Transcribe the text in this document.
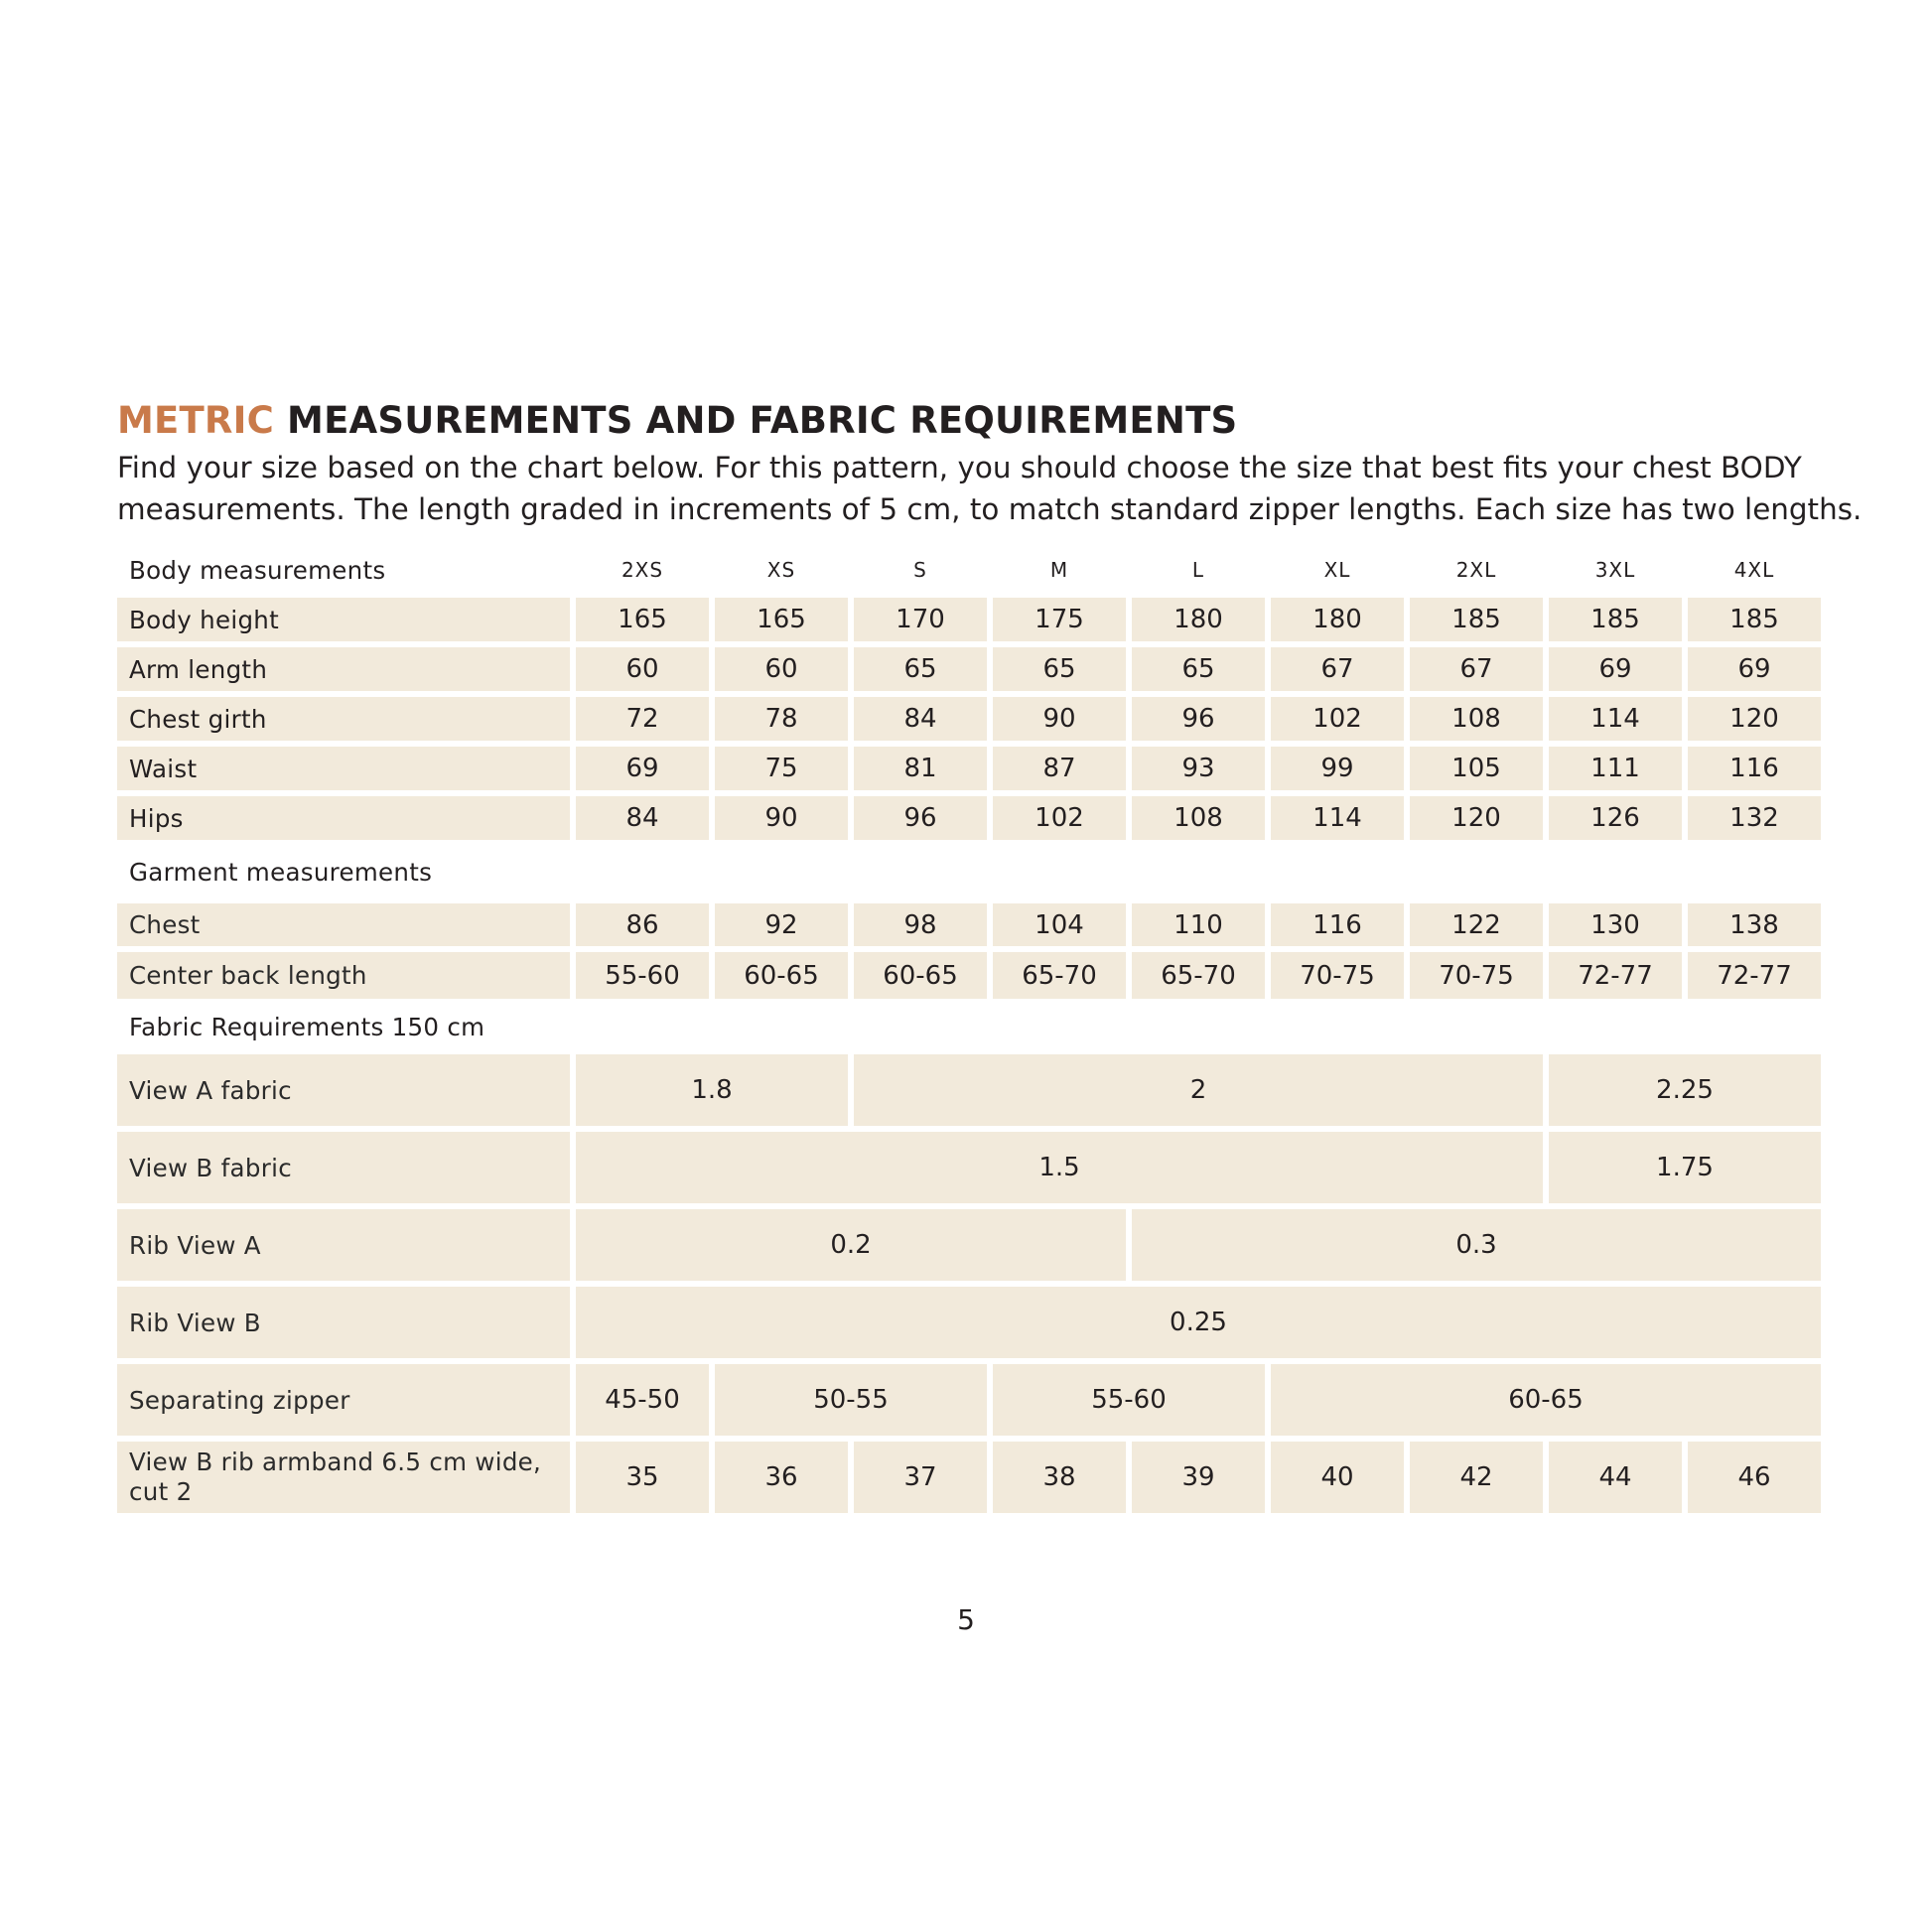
METRIC MEASUREMENTS AND FABRIC REQUIREMENTS

Find your size based on the chart below. For this pattern, you should choose the size that best fits your chest BODY

measurements. The length graded in increments of 5 cm, to match standard zipper lengths. Each size has two lengths.

Body measurements	2XS	XS	S	M	L	XL	2XL	3XL	4XL
Body height	165	165	170	175	180	180	185	185	185
Arm length	60	60	65	65	65	67	67	69	69
Chest girth	72	78	84	90	96	102	108	114	120
Waist	69	75	81	87	93	99	105	111	116
Hips	84	90	96	102	108	114	120	126	132
Garment measurements
Chest	86	92	98	104	110	116	122	130	138
Center back length	55-60	60-65	60-65	65-70	65-70	70-75	70-75	72-77	72-77
Fabric Requirements 150 cm
View A fabric	1.8	2	2.25
View B fabric	1.5	1.75
Rib View A	0.2	0.3
Rib View B	0.25
Separating zipper	45-50	50-55	55-60	60-65
View B rib armband 6.5 cm wide, cut 2	35	36	37	38	39	40	42	44	46
5
